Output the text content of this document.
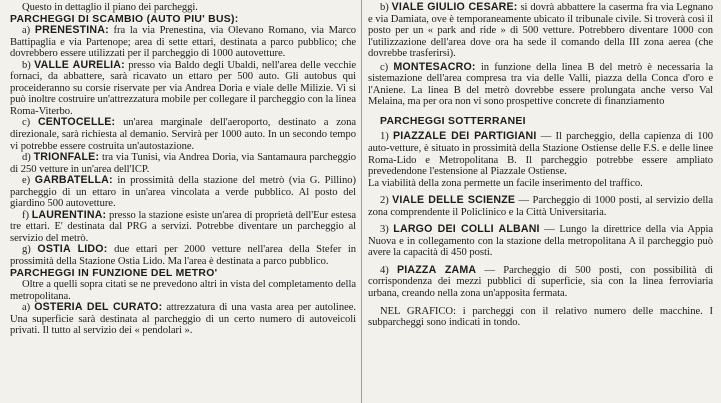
Questo in dettaglio il piano dei parcheggi.

PARCHEGGI DI SCAMBIO (AUTO PIU' BUS):

a) PRENESTINA: fra la via Prenestina, via Olevano Romano, via Marco Battipaglia e via Partenope; area di sette ettari, destinata a parco pubblico; che dovrebbero essere utilizzati per il parcheggio di 1000 autovetture.

b) VALLE AURELIA: presso via Baldo degli Ubaldi, nell'area delle vecchie fornaci, da abbattere, sarà ricavato un ettaro per 500 auto. Gli autobus qui proceideranno su corsie riservate per via Andrea Doria e viale delle Milizie. Vi si può inoltre costruire un'attrezzatura mobile per collegare il parcheggio con la linea Roma-Viterbo.

c) CENTOCELLE: un'area marginale dell'aeroporto, destinato a zona direzionale, sarà richiesta al demanio. Servirà per 1000 auto. In un secondo tempo vi potrebbe essere costruita un'autostazione.

d) TRIONFALE: tra via Tunisi, via Andrea Doria, via Santamaura parcheggio di 250 vetture in un'area dell'ICP.

e) GARBATELLA: in prossimità della stazione del metrò (via G. Pillino) parcheggio di un ettaro in un'area vincolata a verde pubblico. Al posto del giardino 500 autovetture.

f) LAURENTINA: presso la stazione esiste un'area di proprietà dell'Eur estesa tre ettari. E' destinata dal PRG a servizi. Potrebbe diventare un parcheggio al servizio del metrò.

g) OSTIA LIDO: due ettari per 2000 vetture nell'area della Stefer in prossimità della Stazione Ostia Lido. Ma l'area è destinata a parco pubblico.

PARCHEGGI IN FUNZIONE DEL METRO'

Oltre a quelli sopra citati se ne prevedono altri in vista del completamento della metropolitana.

a) OSTERIA DEL CURATO: attrezzatura di una vasta area per autolinee. Una superficie sarà destinata al parcheggio di un certo numero di autoveicoli privati. Il tutto al servizio dei « pendolari ».

b) VIALE GIULIO CESARE: si dovrà abbattere la caserma fra via Legnano e via Damiata, ove è temporaneamente ubicato il tribunale civile. Si troverà così il posto per un « park and ride » di 500 vetture. Potrebbero diventare 1000 con l'utilizzazione dell'area dove ora ha sede il comando della III zona aerea (che dovrebbe trasferirsi).

c) MONTESACRO: in funzione della linea B del metrò è necessaria la sistemazione dell'area compresa tra via delle Valli, piazza della Conca d'oro e l'Aniene. La linea B del metrò dovrebbe essere prolungata anche verso Val Melaina, ma per ora non vi sono prospettive concrete di finanziamento

PARCHEGGI SOTTERRANEI

1) PIAZZALE DEI PARTIGIANI — Il parcheggio, della capienza di 100 auto-vetture, è situato in prossimità della Stazione Ostiense delle F.S. e delle linee Roma-Lido e Metropolitana B. Il parcheggio potrebbe essere ampliato prevedendone l'estensione al Piazzale Ostiense.

La viabilità della zona permette un facile inserimento del traffico.

2) VIALE DELLE SCIENZE — Parcheggio di 1000 posti, al servizio della zona comprendente il Policlinico e la Città Universitaria.

3) LARGO DEI COLLI ALBANI — Lungo la direttrice della via Appia Nuova e in collegamento con la stazione della metropolitana A il parcheggio può avere la capacità di 450 posti.

4) PIAZZA ZAMA — Parcheggio di 500 posti, con possibilità di corrispondenza dei mezzi pubblici di superficie, sia con la linea ferroviaria urbana, creando nella zona un'apposita fermata.

NEL GRAFICO: i parcheggi con il relativo numero delle macchine. I subparcheggi sono indicati in tondo.
